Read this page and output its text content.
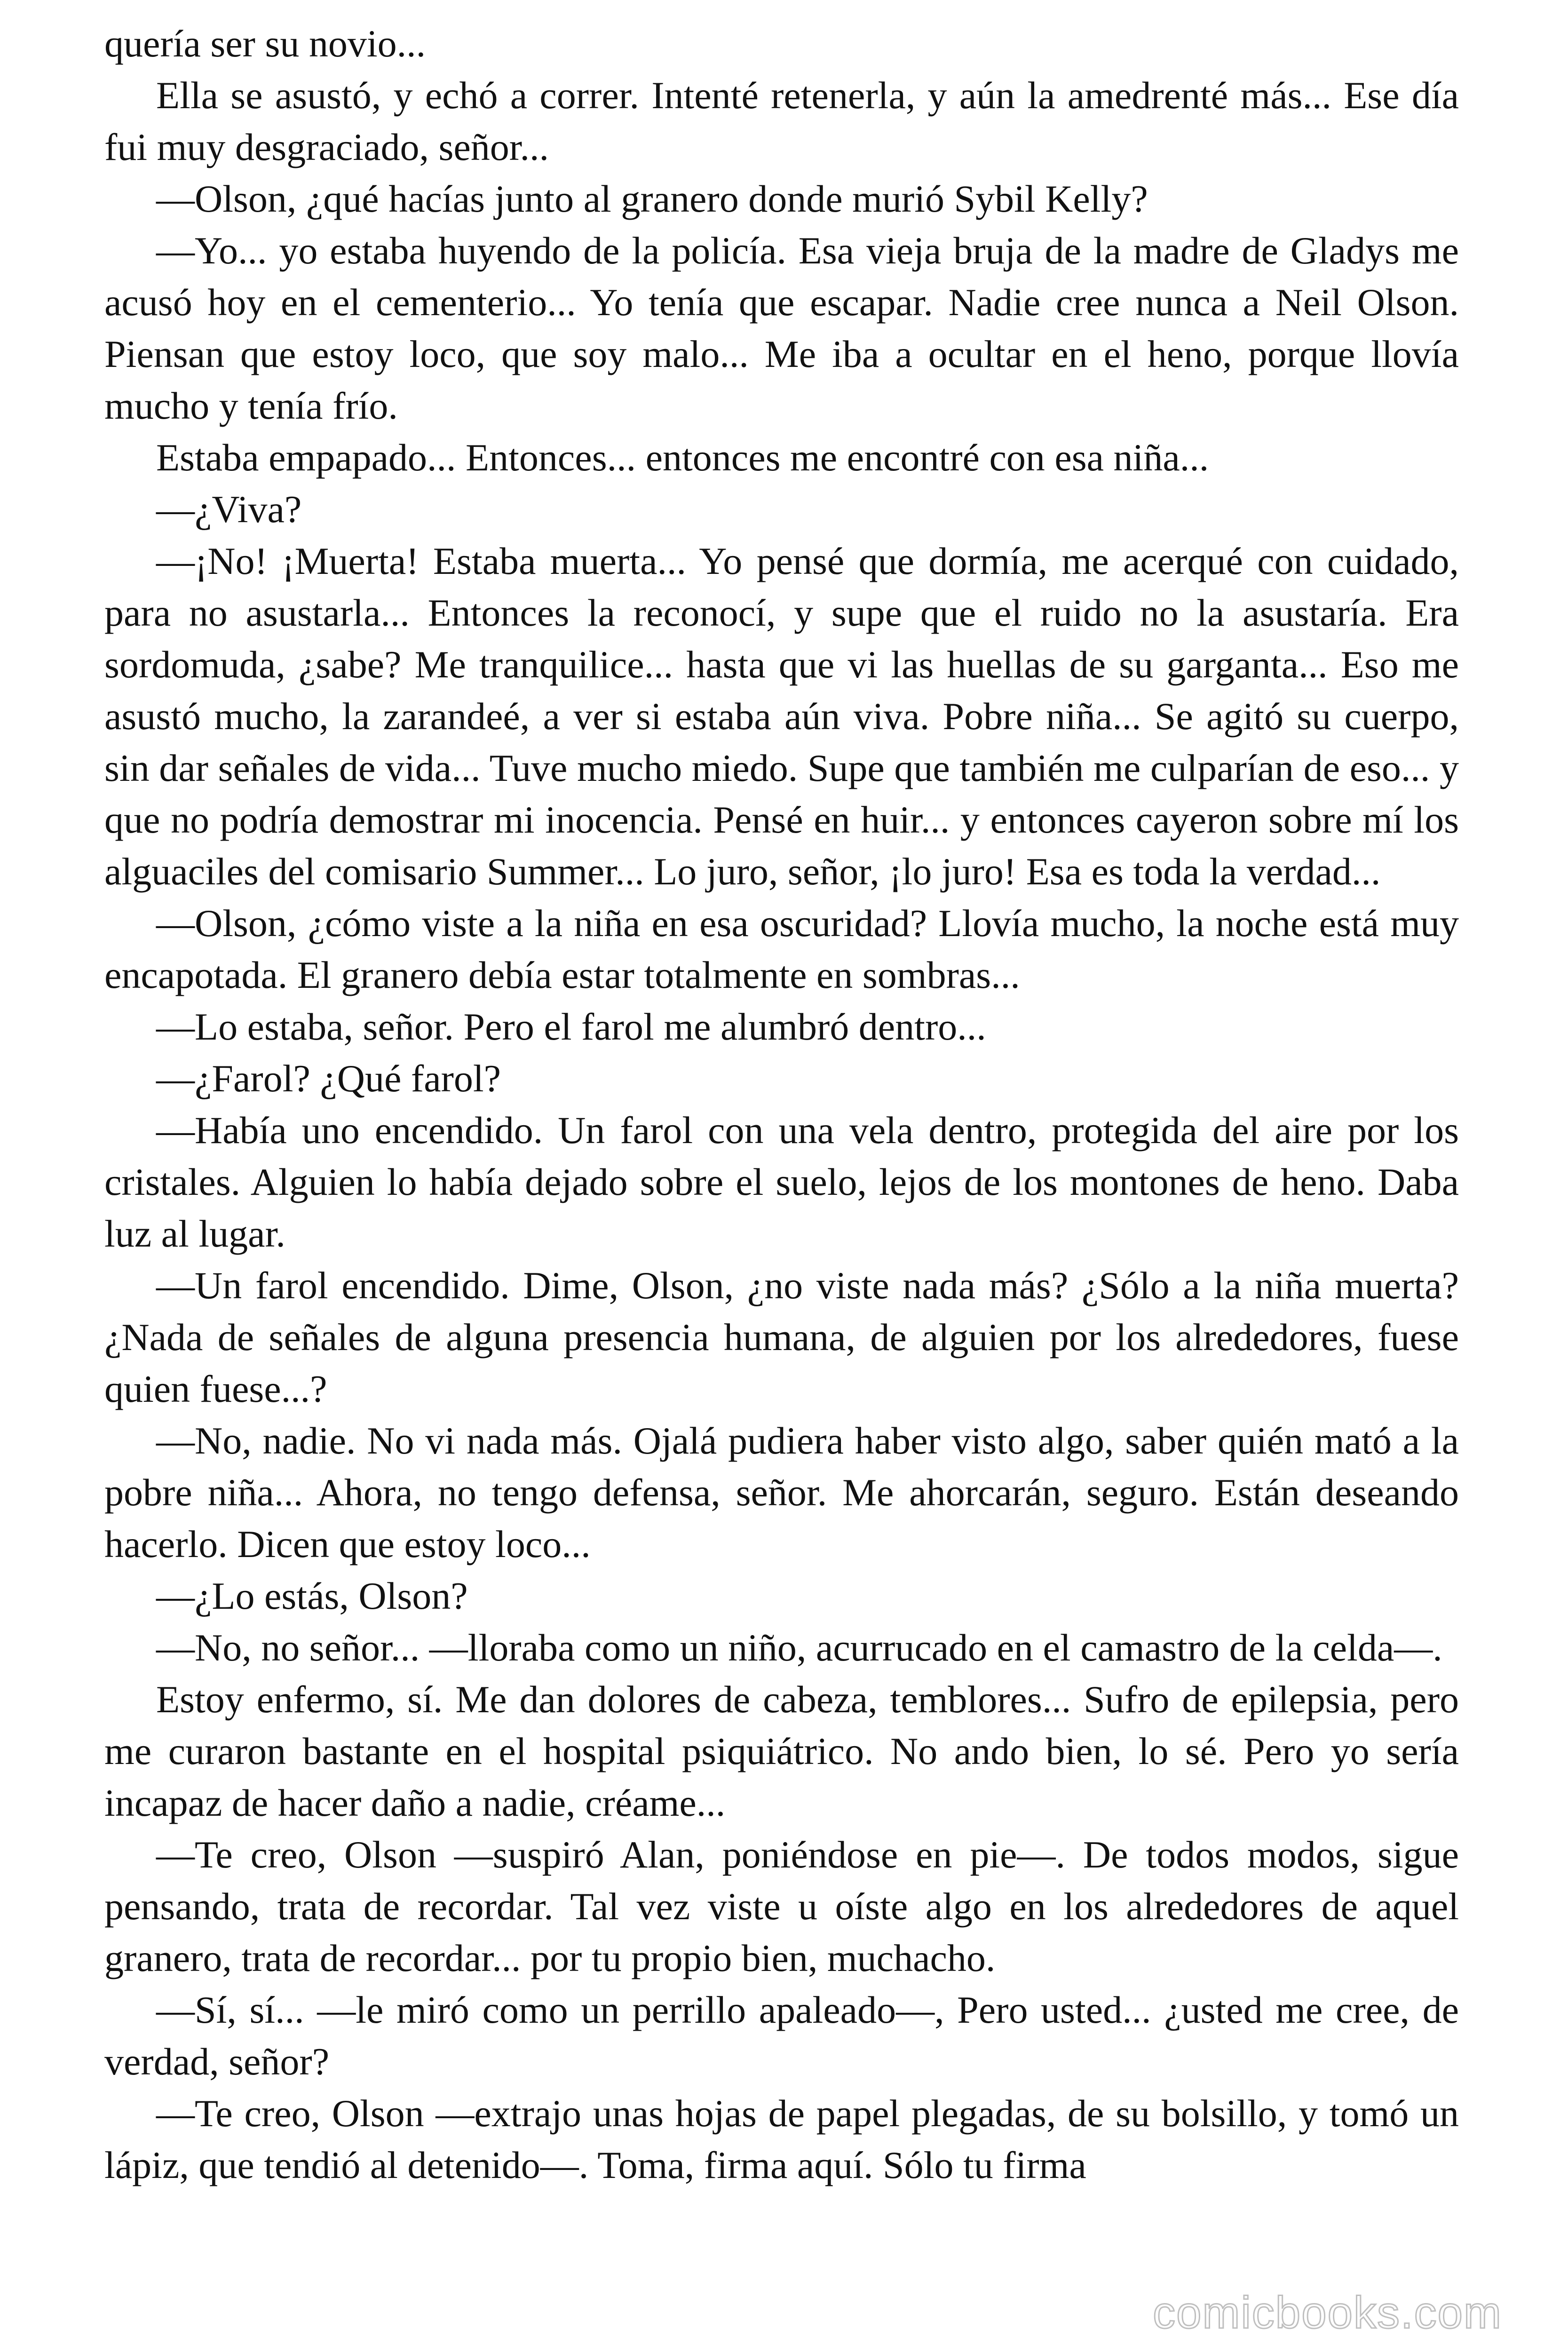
quería ser su novio...

Ella se asustó, y echó a correr. Intenté retenerla, y aún la amedrenté más... Ese día fui muy desgraciado, señor...

—Olson, ¿qué hacías junto al granero donde murió Sybil Kelly?

—Yo... yo estaba huyendo de la policía. Esa vieja bruja de la madre de Gladys me acusó hoy en el cementerio... Yo tenía que escapar. Nadie cree nunca a Neil Olson. Piensan que estoy loco, que soy malo... Me iba a ocultar en el heno, porque llovía mucho y tenía frío.

Estaba empapado... Entonces... entonces me encontré con esa niña...

—¿Viva?

—¡No! ¡Muerta! Estaba muerta... Yo pensé que dormía, me acerqué con cuidado, para no asustarla... Entonces la reconocí, y supe que el ruido no la asustaría. Era sordomuda, ¿sabe? Me tranquilice... hasta que vi las huellas de su garganta... Eso me asustó mucho, la zarandeé, a ver si estaba aún viva. Pobre niña... Se agitó su cuerpo, sin dar señales de vida... Tuve mucho miedo. Supe que también me culparían de eso... y que no podría demostrar mi inocencia. Pensé en huir... y entonces cayeron sobre mí los alguaciles del comisario Summer... Lo juro, señor, ¡lo juro! Esa es toda la verdad...

—Olson, ¿cómo viste a la niña en esa oscuridad? Llovía mucho, la noche está muy encapotada. El granero debía estar totalmente en sombras...

—Lo estaba, señor. Pero el farol me alumbró dentro...

—¿Farol? ¿Qué farol?

—Había uno encendido. Un farol con una vela dentro, protegida del aire por los cristales. Alguien lo había dejado sobre el suelo, lejos de los montones de heno. Daba luz al lugar.

—Un farol encendido. Dime, Olson, ¿no viste nada más? ¿Sólo a la niña muerta? ¿Nada de señales de alguna presencia humana, de alguien por los alrededores, fuese quien fuese...?

—No, nadie. No vi nada más. Ojalá pudiera haber visto algo, saber quién mató a la pobre niña... Ahora, no tengo defensa, señor. Me ahorcarán, seguro. Están deseando hacerlo. Dicen que estoy loco...

—¿Lo estás, Olson?

—No, no señor... —lloraba como un niño, acurrucado en el camastro de la celda—.

Estoy enfermo, sí. Me dan dolores de cabeza, temblores... Sufro de epilepsia, pero me curaron bastante en el hospital psiquiátrico. No ando bien, lo sé. Pero yo sería incapaz de hacer daño a nadie, créame...

—Te creo, Olson —suspiró Alan, poniéndose en pie—. De todos modos, sigue pensando, trata de recordar. Tal vez viste u oíste algo en los alrededores de aquel granero, trata de recordar... por tu propio bien, muchacho.

—Sí, sí... —le miró como un perrillo apaleado—, Pero usted... ¿usted me cree, de verdad, señor?

—Te creo, Olson —extrajo unas hojas de papel plegadas, de su bolsillo, y tomó un lápiz, que tendió al detenido—. Toma, firma aquí. Sólo tu firma

comicbooks.com
